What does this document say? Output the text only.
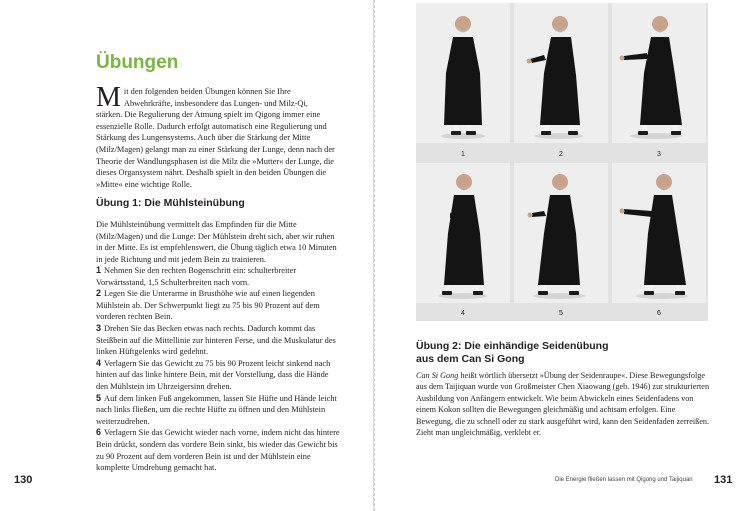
Übungen

Mit den folgenden beiden Übungen können Sie Ihre Abwehrkräfte, insbesondere das Lungen- und Milz-Qi, stärken. Die Regulierung der Atmung spielt im Qigong immer eine essenzielle Rolle. Dadurch erfolgt automatisch eine Regulierung und Stärkung des Lungensystems. Auch über die Stärkung der Mitte (Milz/Magen) gelangt man zu einer Stärkung der Lunge, denn nach der Theorie der Wandlungsphasen ist die Milz die »Mutter« der Lunge, die dieses Organsystem nährt. Deshalb spielt in den beiden Übungen die »Mitte« eine wichtige Rolle.

Übung 1: Die Mühlsteinübung

Die Mühlsteinübung vermittelt das Empfinden für die Mitte (Milz/Magen) und die Lunge: Der Mühlstein dreht sich, aber wir ruhen in der Mitte. Es ist empfehlenswert, die Übung täglich etwa 10 Minuten in jede Richtung und mit jedem Bein zu trainieren.

1 Nehmen Sie den rechten Bogenschritt ein: schulterbreiter Vorwärtsstand, 1,5 Schulterbreiten nach vorn.
2 Legen Sie die Unterarme in Brusthöhe wie auf einen liegenden Mühlstein ab. Der Schwerpunkt liegt zu 75 bis 90 Prozent auf dem vorderen rechten Bein.
3 Drehen Sie das Becken etwas nach rechts. Dadurch kommt das Steißbein auf die Mittellinie zur hinteren Ferse, und die Muskulatur des linken Hüftgelenks wird gedehnt.
4 Verlagern Sie das Gewicht zu 75 bis 90 Prozent leicht sinkend nach hinten auf das linke hintere Bein, mit der Vorstellung, dass die Hände den Mühlstein im Uhrzeigersinn drehen.
5 Auf dem linken Fuß angekommen, lassen Sie Hüfte und Hände leicht nach links fließen, um die rechte Hüfte zu öffnen und den Mühlstein weiterzudrehen.
6 Verlagern Sie das Gewicht wieder nach vorne, indem nicht das hintere Bein drückt, sondern das vordere Bein sinkt, bis wieder das Gewicht bis zu 90 Prozent auf dem vorderen Bein ist und der Mühlstein eine komplette Umdrehung gemacht hat.
130
1	2	3
4	5	6
Übung 2: Die einhändige Seidenübung
aus dem Can Si Gong

Can Si Gong heißt wörtlich übersetzt »Übung der Seidenraupe«. Diese Bewegungsfolge aus dem Taijiquan wurde von Großmeister Chen Xiaowang (geb. 1946) zur strukturierten Ausbildung von Anfängern entwickelt. Wie beim Abwickeln eines Seidenfadens von einem Kokon sollten die Bewegungen gleichmäßig und achtsam erfolgen. Eine Bewegung, die zu schnell oder zu stark ausgeführt wird, kann den Seidenfaden zerreißen. Zieht man ungleichmäßig, verklebt er.

Die Energie fließen lassen mit Qigong und Taijiquan 131
